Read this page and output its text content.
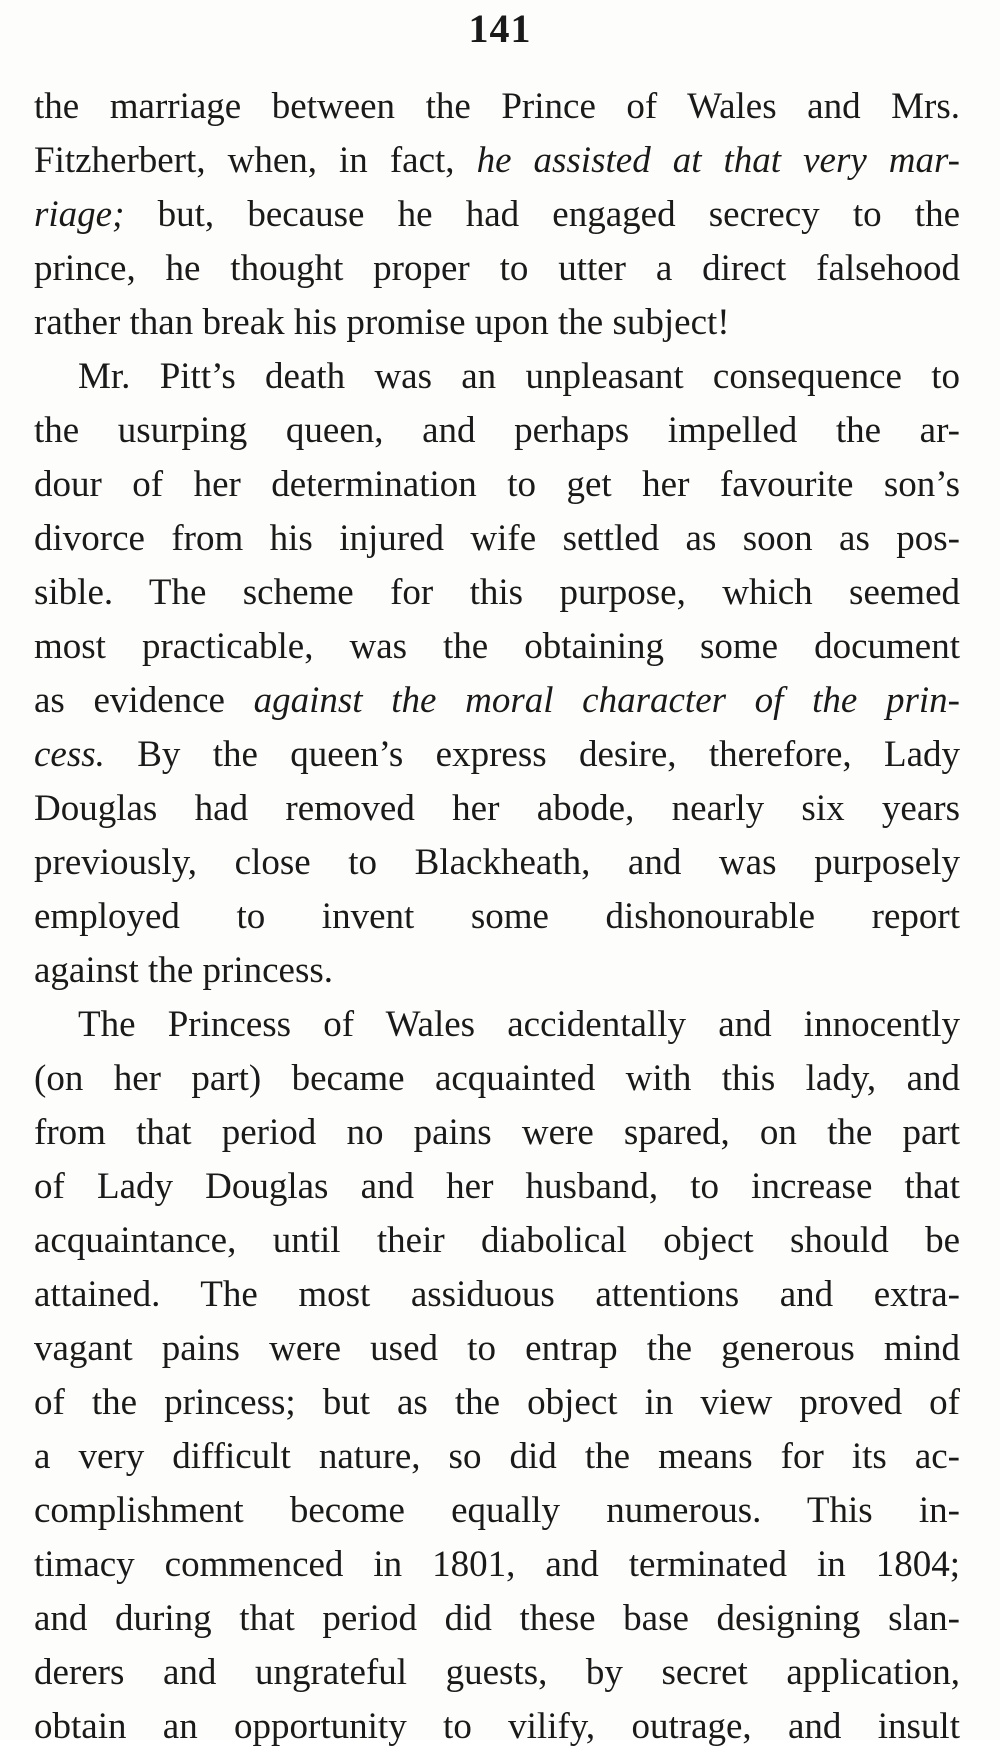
141
the marriage between the Prince of Wales and Mrs.
Fitzherbert, when, in fact, he assisted at that very mar-
riage; but, because he had engaged secrecy to the
prince, he thought proper to utter a direct falsehood
rather than break his promise upon the subject!
Mr. Pitt’s death was an unpleasant consequence to
the usurping queen, and perhaps impelled the ar-
dour of her determination to get her favourite son’s
divorce from his injured wife settled as soon as pos-
sible. The scheme for this purpose, which seemed
most practicable, was the obtaining some document
as evidence against the moral character of the prin-
cess. By the queen’s express desire, therefore, Lady
Douglas had removed her abode, nearly six years
previously, close to Blackheath, and was purposely
employed to invent some dishonourable report
against the princess.
The Princess of Wales accidentally and innocently
(on her part) became acquainted with this lady, and
from that period no pains were spared, on the part
of Lady Douglas and her husband, to increase that
acquaintance, until their diabolical object should be
attained. The most assiduous attentions and extra-
vagant pains were used to entrap the generous mind
of the princess; but as the object in view proved of
a very difficult nature, so did the means for its ac-
complishment become equally numerous. This in-
timacy commenced in 1801, and terminated in 1804;
and during that period did these base designing slan-
derers and ungrateful guests, by secret application,
obtain an opportunity to vilify, outrage, and insult
